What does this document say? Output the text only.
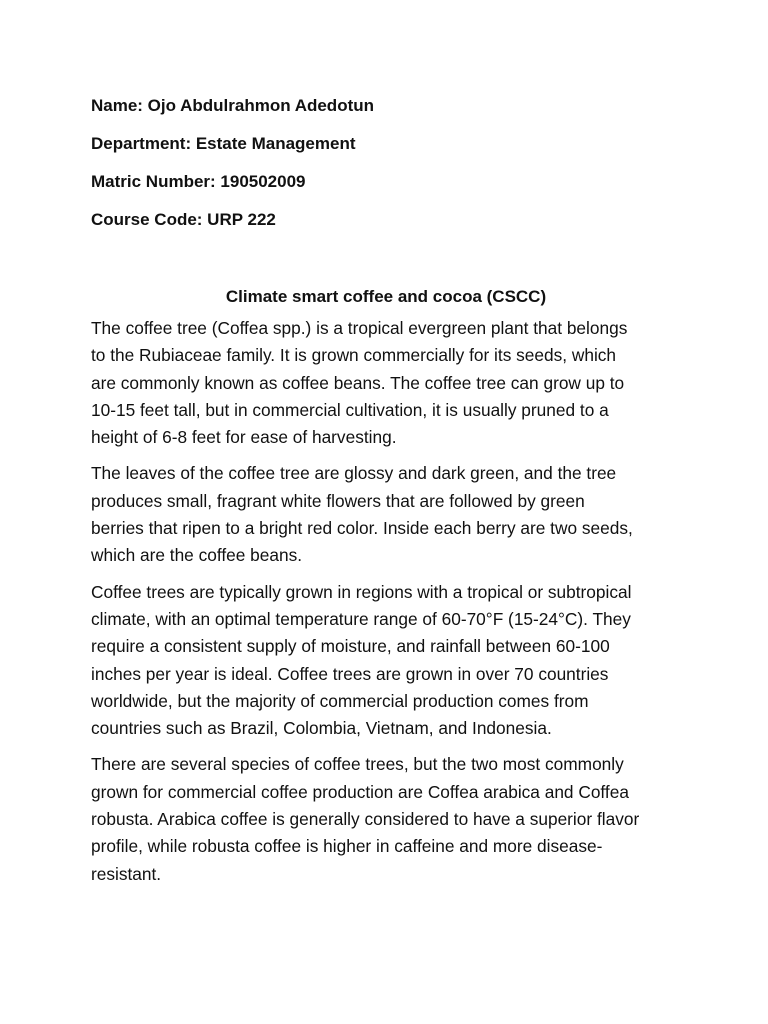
Name: Ojo Abdulrahmon Adedotun
Department: Estate Management
Matric Number: 190502009
Course Code: URP 222
Climate smart coffee and cocoa (CSCC)
The coffee tree (Coffea spp.) is a tropical evergreen plant that belongs
to the Rubiaceae family. It is grown commercially for its seeds, which
are commonly known as coffee beans. The coffee tree can grow up to
10-15 feet tall, but in commercial cultivation, it is usually pruned to a
height of 6-8 feet for ease of harvesting.
The leaves of the coffee tree are glossy and dark green, and the tree
produces small, fragrant white flowers that are followed by green
berries that ripen to a bright red color. Inside each berry are two seeds,
which are the coffee beans.
Coffee trees are typically grown in regions with a tropical or subtropical
climate, with an optimal temperature range of 60-70°F (15-24°C). They
require a consistent supply of moisture, and rainfall between 60-100
inches per year is ideal. Coffee trees are grown in over 70 countries
worldwide, but the majority of commercial production comes from
countries such as Brazil, Colombia, Vietnam, and Indonesia.
There are several species of coffee trees, but the two most commonly
grown for commercial coffee production are Coffea arabica and Coffea
robusta. Arabica coffee is generally considered to have a superior flavor
profile, while robusta coffee is higher in caffeine and more disease-
resistant.
